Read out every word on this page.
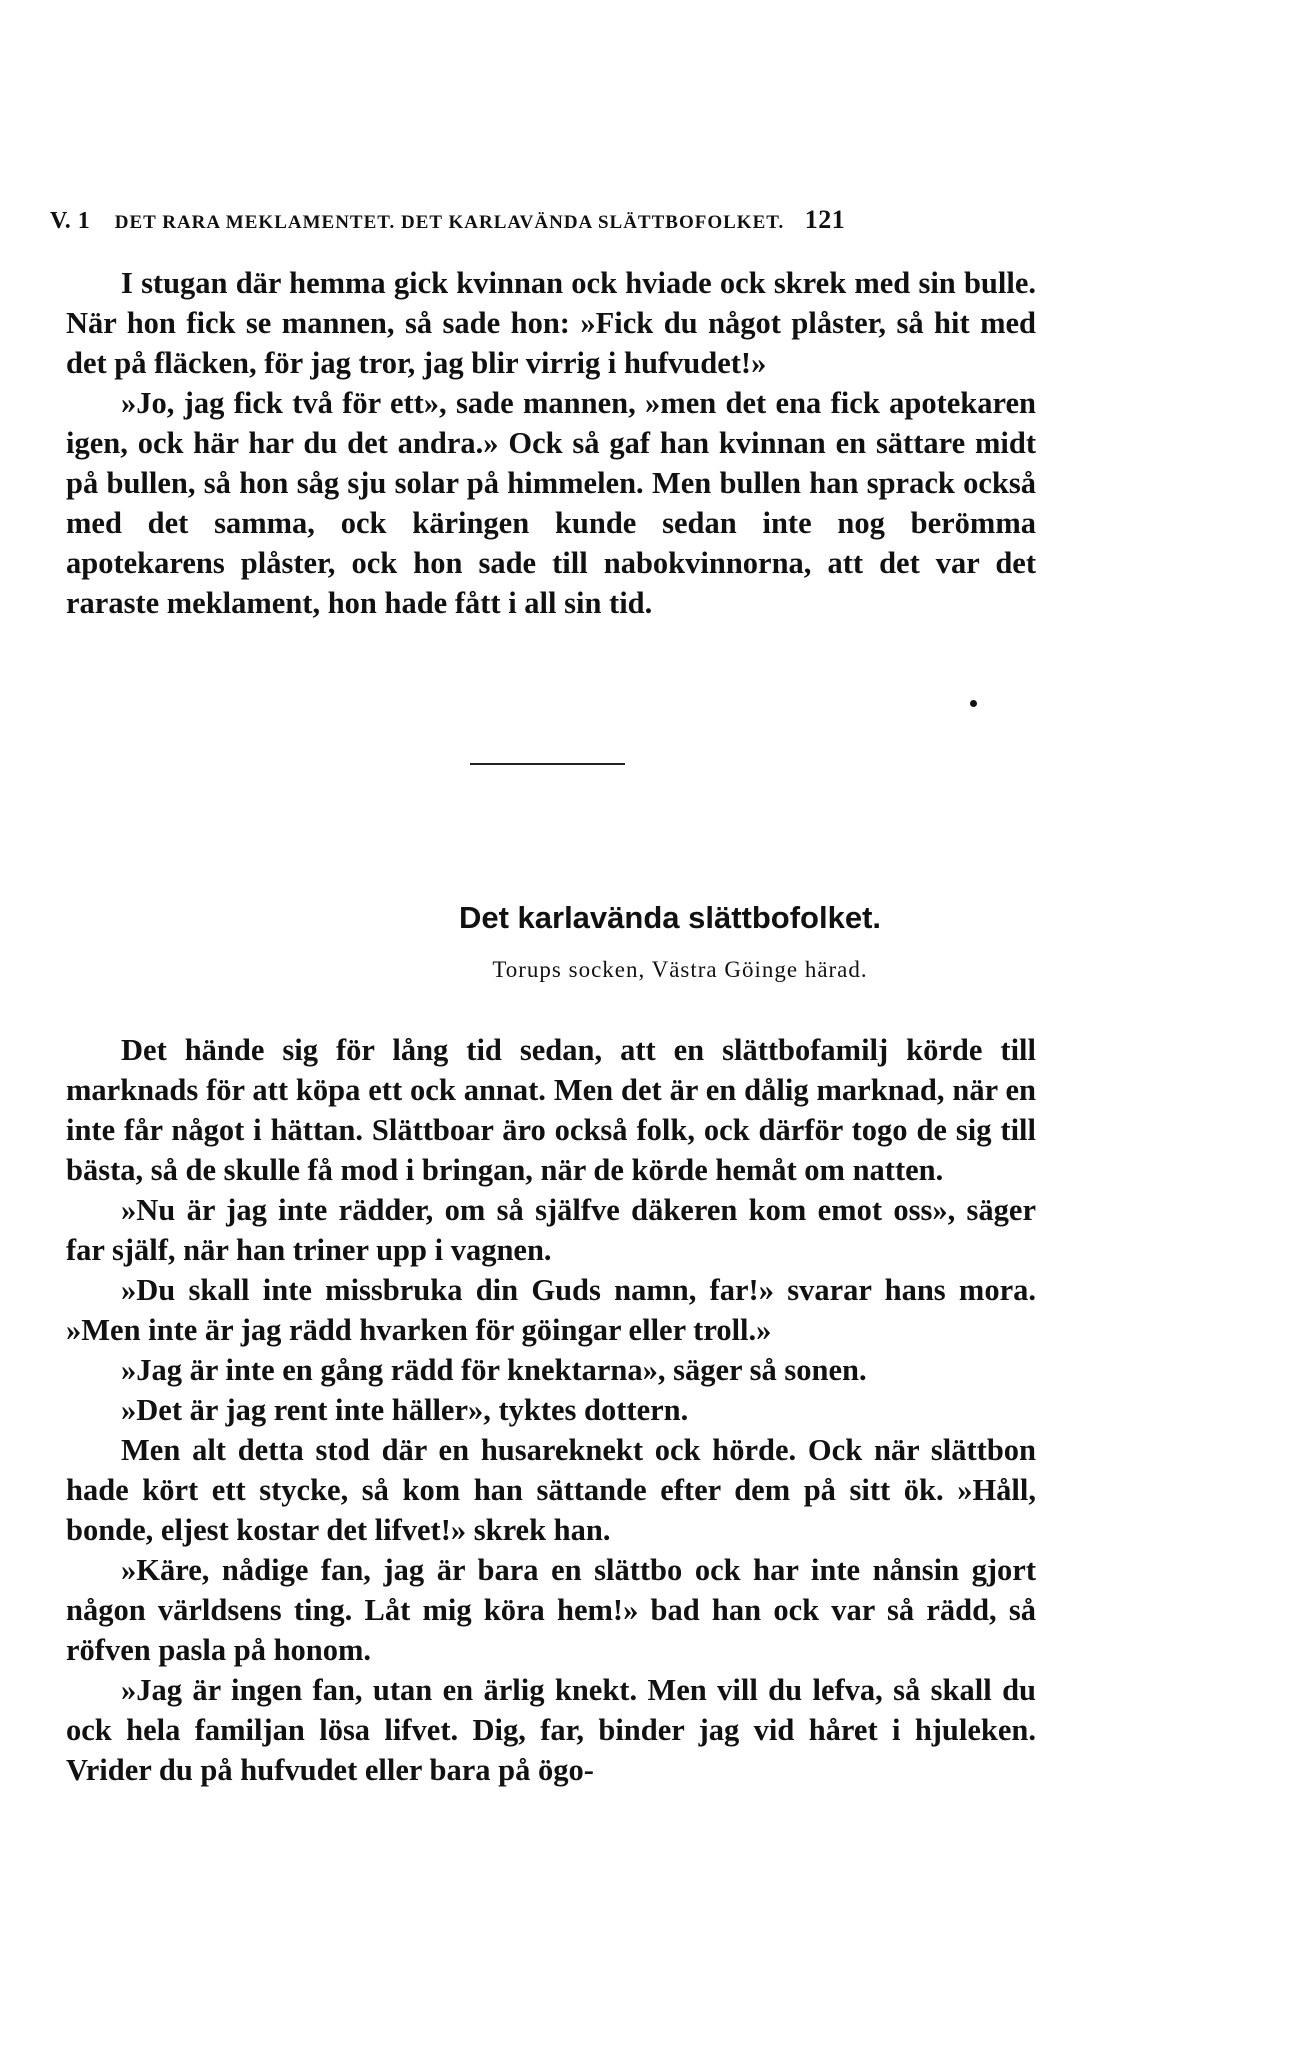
V. 1 DET RARA MEKLAMENTET. DET KARLAVÄNDA SLÄTTBOFOLKET. 121

I stugan där hemma gick kvinnan ock hviade ock skrek med sin bulle. När hon fick se mannen, så sade hon: »Fick du något plåster, så hit med det på fläcken, för jag tror, jag blir virrig i hufvudet!»

»Jo, jag fick två för ett», sade mannen, »men det ena fick apotekaren igen, ock här har du det andra.» Ock så gaf han kvinnan en sättare midt på bullen, så hon såg sju solar på himmelen. Men bullen han sprack också med det samma, ock käringen kunde sedan inte nog berömma apotekarens plåster, ock hon sade till nabokvinnorna, att det var det raraste meklament, hon hade fått i all sin tid.

Det karlavända slättbofolket.
Torups socken, Västra Göinge härad.

Det hände sig för lång tid sedan, att en slättbofamilj körde till marknads för att köpa ett ock annat. Men det är en dålig marknad, när en inte får något i hättan. Slättboar äro också folk, ock därför togo de sig till bästa, så de skulle få mod i bringan, när de körde hemåt om natten.

»Nu är jag inte rädder, om så själfve däkeren kom emot oss», säger far själf, när han triner upp i vagnen.

»Du skall inte missbruka din Guds namn, far!» svarar hans mora. »Men inte är jag rädd hvarken för göingar eller troll.»

»Jag är inte en gång rädd för knektarna», säger så sonen.

»Det är jag rent inte häller», tyktes dottern.

Men alt detta stod där en husareknekt ock hörde. Ock när slättbon hade kört ett stycke, så kom han sättande efter dem på sitt ök. »Håll, bonde, eljest kostar det lifvet!» skrek han.

»Käre, nådige fan, jag är bara en slättbo ock har inte nånsin gjort någon världsens ting. Låt mig köra hem!» bad han ock var så rädd, så röfven pasla på honom.

»Jag är ingen fan, utan en ärlig knekt. Men vill du lefva, så skall du ock hela familjan lösa lifvet. Dig, far, binder jag vid håret i hjuleken. Vrider du på hufvudet eller bara på ögo-
